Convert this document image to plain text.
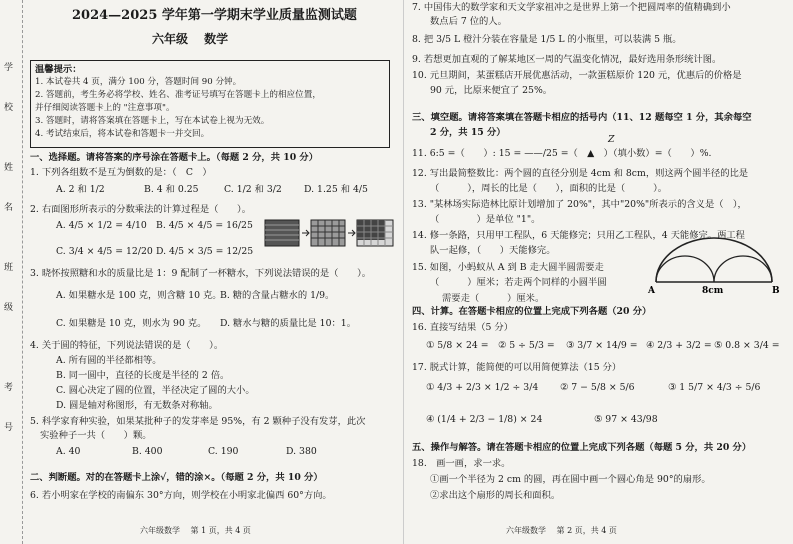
学
校
姓
名
班
级
考
号
2024—2025 学年第一学期末学业质量监测试题
六年级　 数学
温馨提示：
1. 本试卷共 4 页，满分 100 分，答题时间 90 分钟。
2. 答题前，考生务必将学校、姓名、准考证号填写在答题卡上的相应位置，
并仔细阅读答题卡上的 "注意事项"。
3. 答题时，请将答案填在答题卡上，写在本试卷上视为无效。
4. 考试结束后，将本试卷和答题卡一并交回。
一、选择题。请将答案的序号涂在答题卡上。（每题 2 分，共 10 分）
1. 下列各组数不是互为倒数的是：（　C　）
A. 2 和 1/2	B. 4 和 0.25	C. 1/2 和 3/2 D. 1.25 和 4/5
2. 右面图形所表示的分数乘法的计算过程是（　　）。
A. 4/5 × 1/2 = 4/10 B. 4/5 × 4/5 = 16/25
C. 3/4 × 4/5 = 12/20 D. 4/5 × 3/5 = 12/25
3. 晓怀按照糖和水的质量比是 1：9 配制了一杯糖水，下列说法错误的是（　　）。
A. 如果糖水是 100 克，则含糖 10 克。
B. 糖的含量占糖水的 1/9。
C. 如果糖是 10 克，则水为 90 克。 D. 糖水与糖的质量比是 10：1。
4. 关于圆的特征，下列说法错误的是（　　）。
A. 所有圆的半径都相等。
B. 同一圆中，直径的长度是半径的 2 倍。
C. 圆心决定了圆的位置，半径决定了圆的大小。
D. 圆是轴对称图形，有无数条对称轴。
5. 科学家育种实验，如果某批种子的发芽率是 95%，有 2 颗种子没有发芽，此次
实验种子一共（　　）颗。
A. 40	B. 400	C. 190	D. 380
二、判断题。对的在答题卡上涂√，错的涂×。（每题 2 分，共 10 分）
6. 若小明家在学校的南偏东 30°方向，则学校在小明家北偏西 60°方向。
六年级数学　 第 1 页，共 4 页
7. 中国伟大的数学家和天文学家祖冲之是世界上第一个把圆周率的值精确到小
数点后 7 位的人。
8. 把 3/5 L 橙汁分装在容量是 1/5 L 的小瓶里，可以装满 5 瓶。
9. 若想更加直观的了解某地区一周的气温变化情况，最好选用条形统计图。
10. 元旦期间，某蛋糕店开展优惠活动，一款蛋糕原价 120 元，优惠后的价格是
90 元，比原来便宜了 25%。
三、填空题。请将答案填在答题卡相应的括号内（11、12 题每空 1 分，其余每空
2 分，共 15 分）
Z
11. 6:5 =（　　）: 15 = ——/25 =（　▲　）（填小数）=（　　）%.
12. 写出最简整数比：两个圆的直径分别是 4cm 和 8cm，则这两个圆半径的比是
（　　　），周长的比是（　　），面积的比是（　　　）。
13. "某林场实际造林比原计划增加了 20%"，其中"20%"所表示的含义是（　），
（　　　　）是单位 "1"。
14. 修一条路，只用甲工程队，6 天能修完；只用乙工程队，4 天能修完。两工程
队一起修，（　　）天能修完。
15. 如图，小蚂蚁从 A 到 B 走大圆半圆需要走
（　　　）厘米；若走两个同样的小圆半圆
需要走（　　　）厘米。
A	B
8cm
四、计算。在答题卡相应的位置上完成下列各题（20 分）
16. 直接写结果（5 分）
① 5/8 × 24 = ② 5 ÷ 5/3 = ③ 3/7 × 14/9 = ④ 2/3 + 3/2 = ⑤ 0.8 × 3/4 =
17. 脱式计算，能简便的可以用简便算法（15 分）
① 4/3 + 2/3 × 1/2 ÷ 3/4 ② 7 − 5/8 × 5/6	③ 1 5/7 × 4/3 ÷ 5/6
④ (1/4 + 2/3 − 1/8) × 24	⑤ 97 × 43/98
五、操作与解答。请在答题卡相应的位置上完成下列各题（每题 5 分，共 20 分）
18.　画一画，求一求。
①画一个半径为 2 cm 的圆，再在圆中画一个圆心角是 90°的扇形。
②求出这个扇形的周长和面积。
六年级数学　 第 2 页，共 4 页
